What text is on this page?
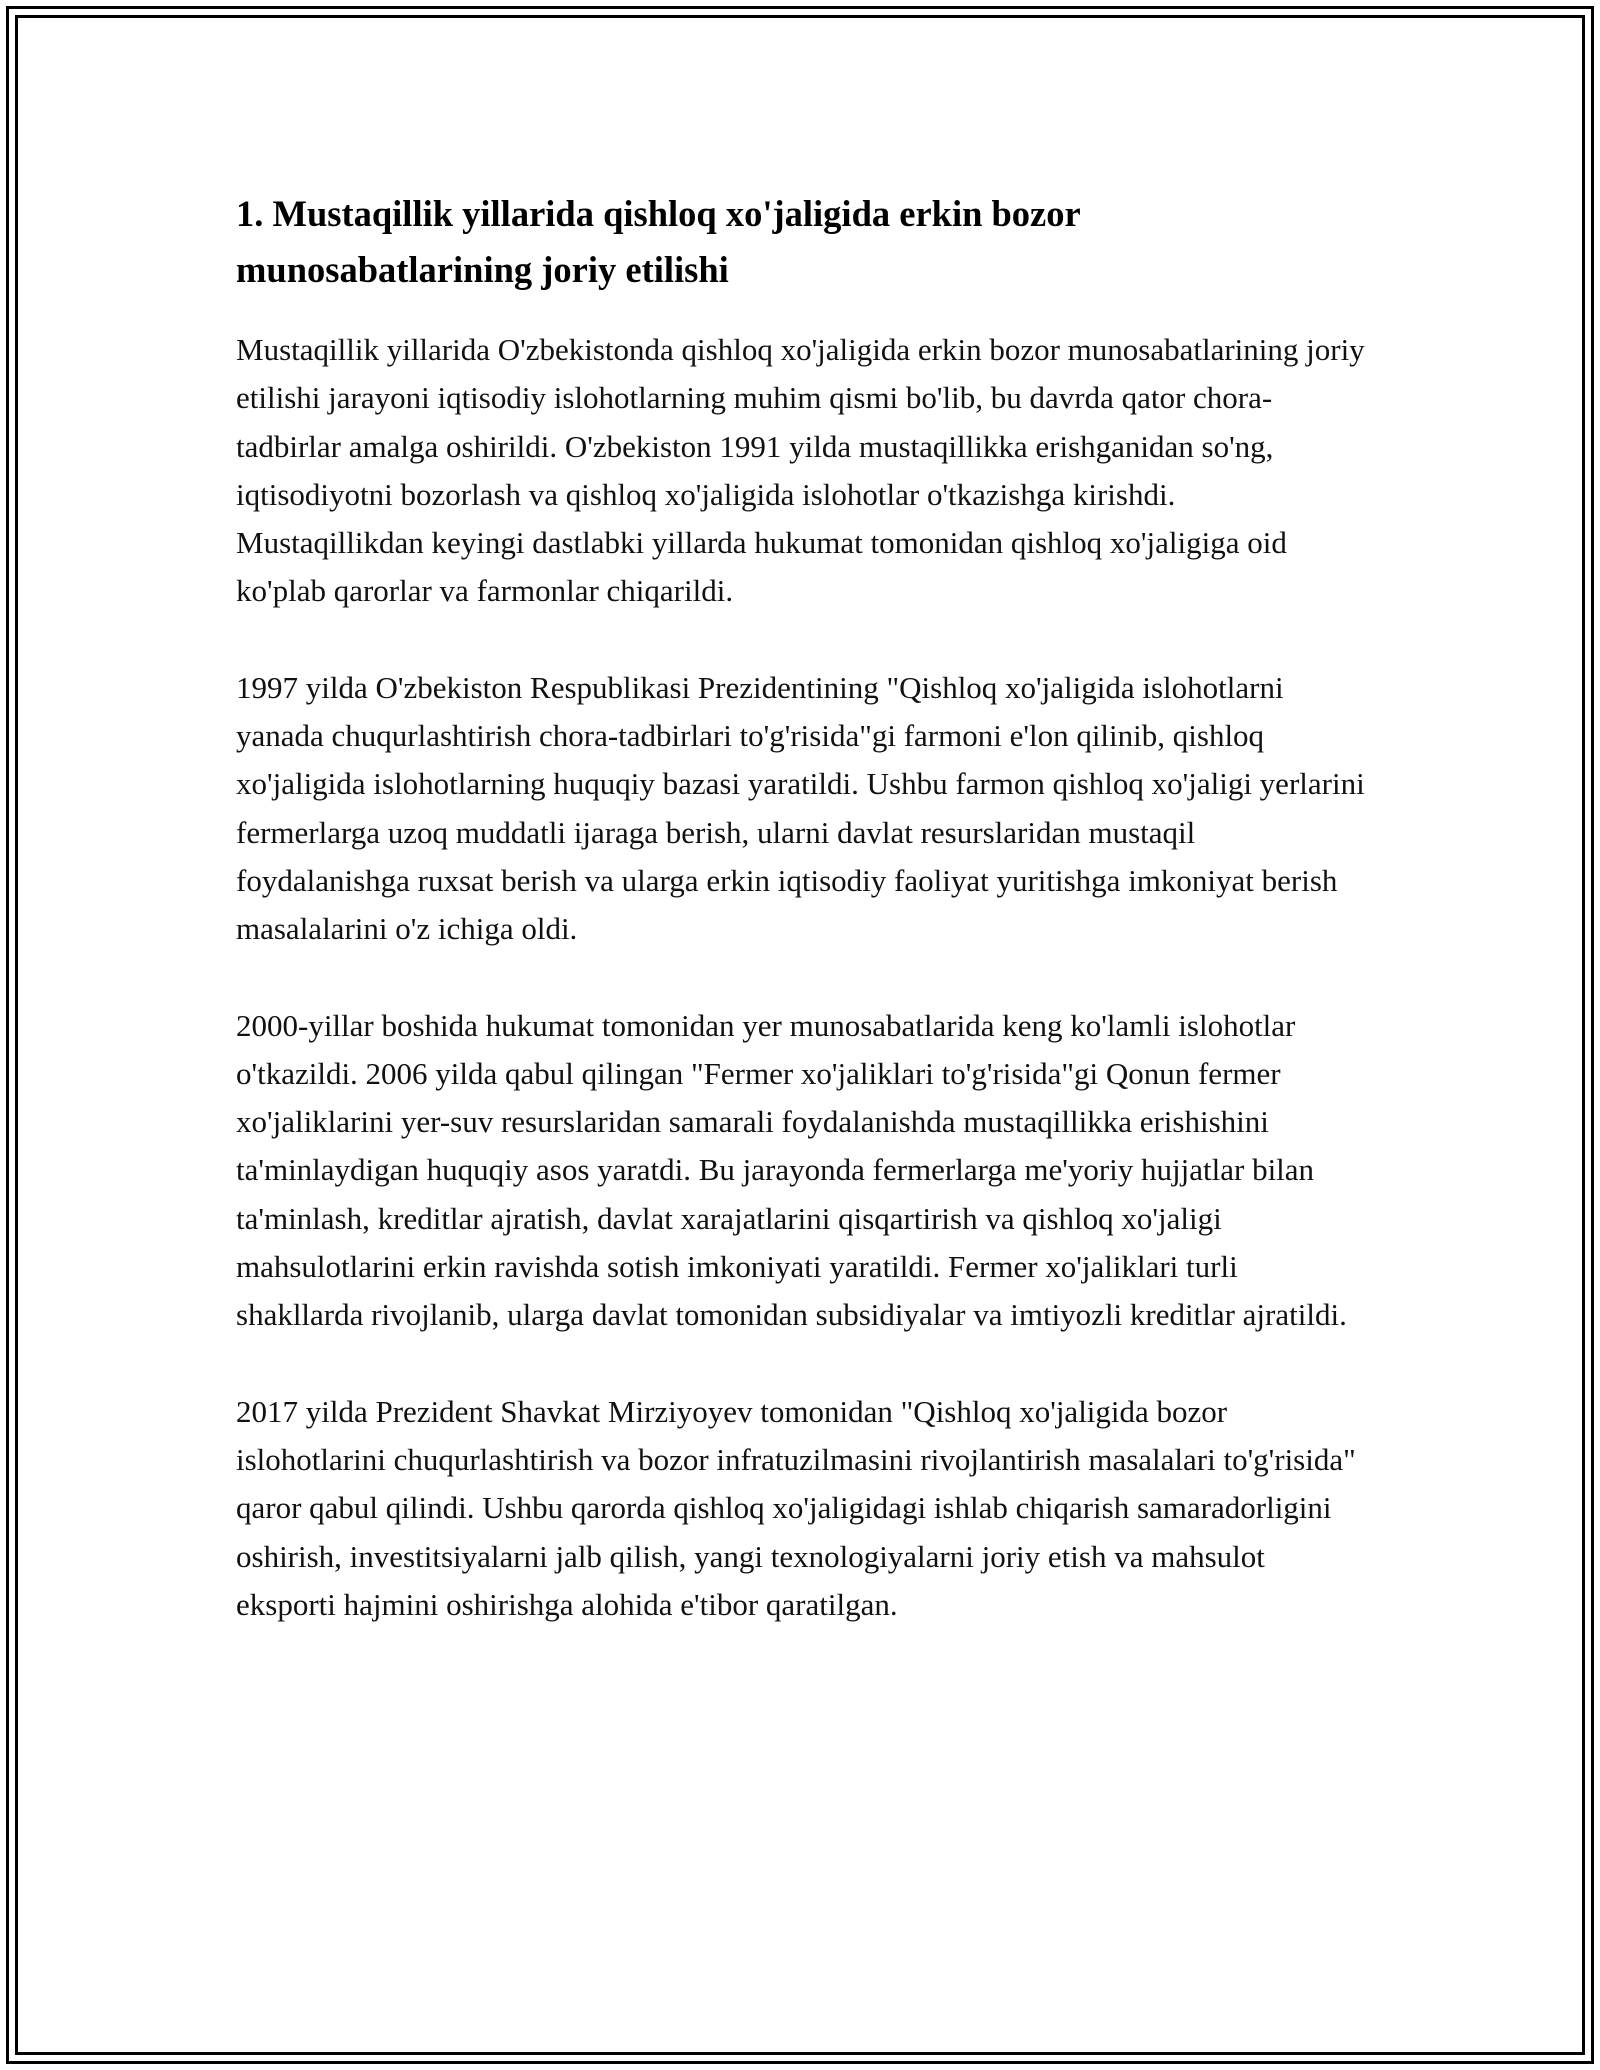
1. Mustaqillik yillarida qishloq xo'jaligida erkin bozor munosabatlarining joriy etilishi

Mustaqillik yillarida O'zbekistonda qishloq xo'jaligida erkin bozor munosabatlarining joriy etilishi jarayoni iqtisodiy islohotlarning muhim qismi bo'lib, bu davrda qator chora-tadbirlar amalga oshirildi. O'zbekiston 1991 yilda mustaqillikka erishganidan so'ng, iqtisodiyotni bozorlash va qishloq xo'jaligida islohotlar o'tkazishga kirishdi. Mustaqillikdan keyingi dastlabki yillarda hukumat tomonidan qishloq xo'jaligiga oid ko'plab qarorlar va farmonlar chiqarildi.

1997 yilda O'zbekiston Respublikasi Prezidentining "Qishloq xo'jaligida islohotlarni yanada chuqurlashtirish chora-tadbirlari to'g'risida"gi farmoni e'lon qilinib, qishloq xo'jaligida islohotlarning huquqiy bazasi yaratildi. Ushbu farmon qishloq xo'jaligi yerlarini fermerlarga uzoq muddatli ijaraga berish, ularni davlat resurslaridan mustaqil foydalanishga ruxsat berish va ularga erkin iqtisodiy faoliyat yuritishga imkoniyat berish masalalarini o'z ichiga oldi.

2000-yillar boshida hukumat tomonidan yer munosabatlarida keng ko'lamli islohotlar o'tkazildi. 2006 yilda qabul qilingan "Fermer xo'jaliklari to'g'risida"gi Qonun fermer xo'jaliklarini yer-suv resurslaridan samarali foydalanishda mustaqillikka erishishini ta'minlaydigan huquqiy asos yaratdi. Bu jarayonda fermerlarga me'yoriy hujjatlar bilan ta'minlash, kreditlar ajratish, davlat xarajatlarini qisqartirish va qishloq xo'jaligi mahsulotlarini erkin ravishda sotish imkoniyati yaratildi. Fermer xo'jaliklari turli shakllarda rivojlanib, ularga davlat tomonidan subsidiyalar va imtiyozli kreditlar ajratildi.

2017 yilda Prezident Shavkat Mirziyoyev tomonidan "Qishloq xo'jaligida bozor islohotlarini chuqurlashtirish va bozor infratuzilmasini rivojlantirish masalalari to'g'risida" qaror qabul qilindi. Ushbu qarorda qishloq xo'jaligidagi ishlab chiqarish samaradorligini oshirish, investitsiyalarni jalb qilish, yangi texnologiyalarni joriy etish va mahsulot eksporti hajmini oshirishga alohida e'tibor qaratilgan.
